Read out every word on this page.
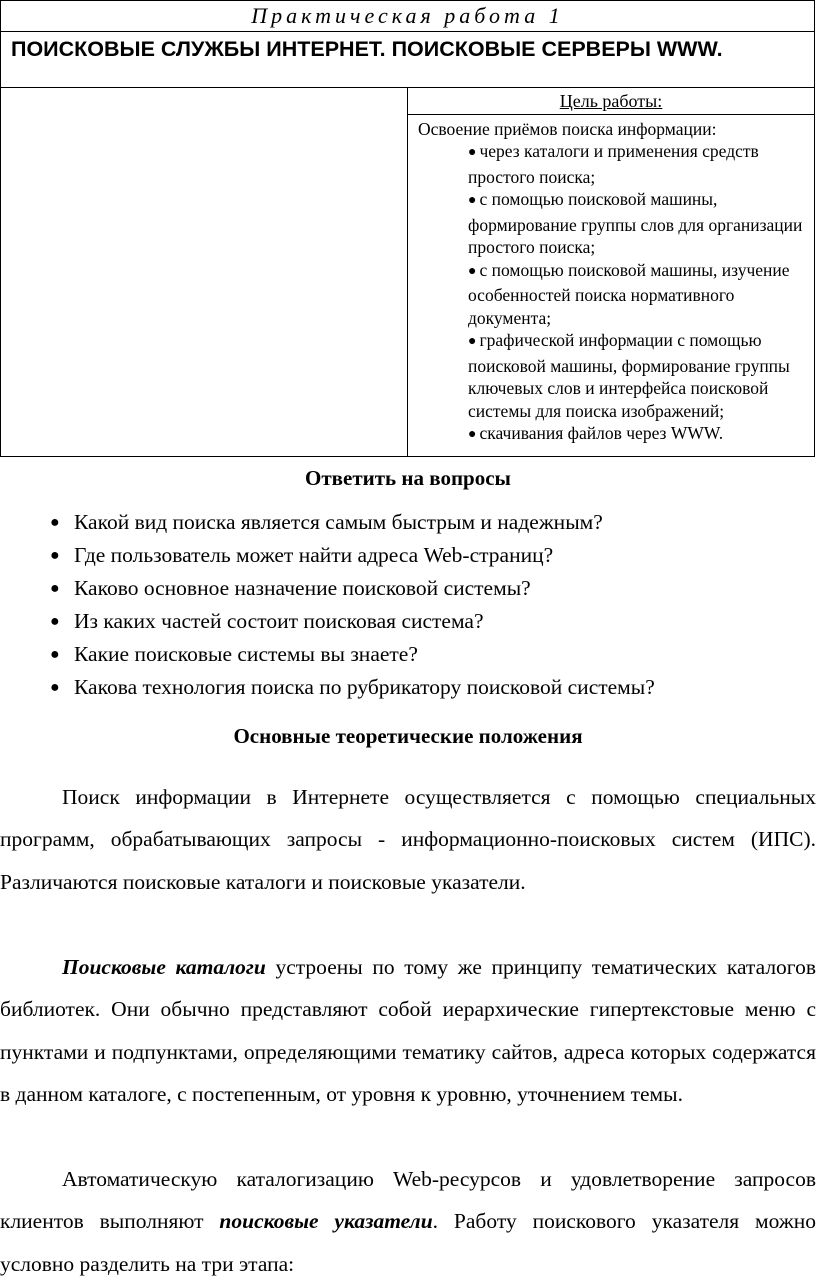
Практическая работа 1
ПОИСКОВЫЕ СЛУЖБЫ ИНТЕРНЕТ. ПОИСКОВЫЕ СЕРВЕРЫ WWW.
Цель работы:
Освоение приёмов поиска информации:
● через каталоги и применения средств простого поиска;
● с помощью поисковой машины, формирование группы слов для организации простого поиска;
● с помощью поисковой машины, изучение особенностей поиска нормативного документа;
● графической информации с помощью поисковой машины, формирование группы ключевых слов и интерфейса поисковой системы для поиска изображений;
● скачивания файлов через WWW.
Ответить на вопросы
● Какой вид поиска является самым быстрым и надежным?
● Где пользователь может найти адреса Web-страниц?
● Каково основное назначение поисковой системы?
● Из каких частей состоит поисковая система?
● Какие поисковые системы вы знаете?
● Какова технология поиска по рубрикатору поисковой системы?
Основные теоретические положения

Поиск информации в Интернете осуществляется с помощью специальных программ, обрабатывающих запросы - информационно-поисковых систем (ИПС). Различаются поисковые каталоги и поисковые указатели.

Поисковые каталоги устроены по тому же принципу тематических каталогов библиотек. Они обычно представляют собой иерархические гипертекстовые меню с пунктами и подпунктами, определяющими тематику сайтов, адреса которых содержатся в данном каталоге, с постепенным, от уровня к уровню, уточнением темы.

Автоматическую каталогизацию Web-ресурсов и удовлетворение запросов клиентов выполняют поисковые указатели. Работу поискового указателя можно условно разделить на три этапа:
